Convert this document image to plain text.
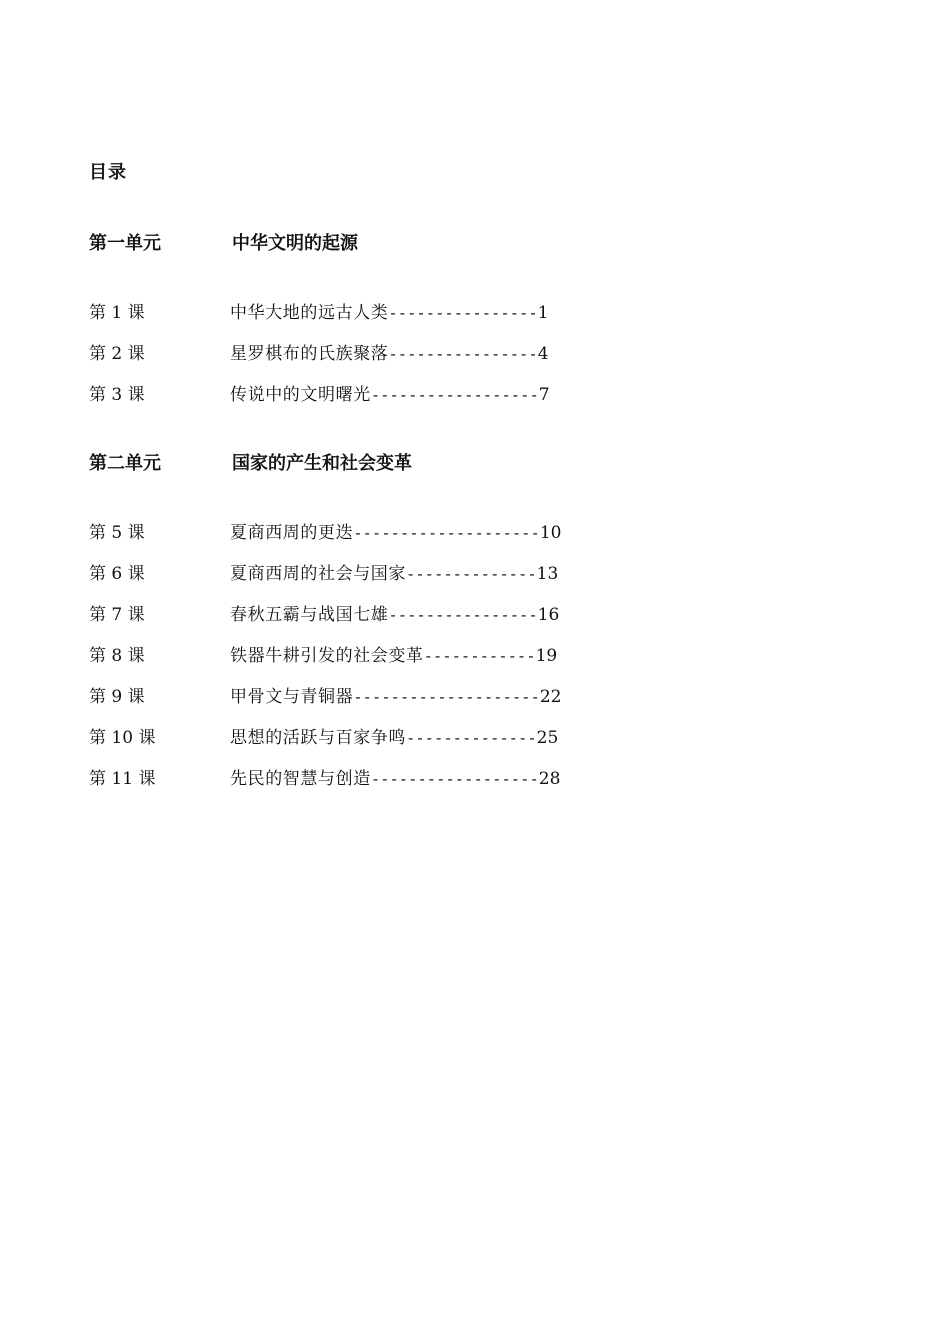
目录
第一单元	中华文明的起源
第 1 课	中华大地的远古人类----------------1
第 2 课	星罗棋布的氏族聚落----------------4
第 3 课	传说中的文明曙光------------------7
第二单元	国家的产生和社会变革
第 5 课	夏商西周的更迭--------------------10
第 6 课	夏商西周的社会与国家--------------13
第 7 课	春秋五霸与战国七雄----------------16
第 8 课	铁器牛耕引发的社会变革------------19
第 9 课	甲骨文与青铜器--------------------22
第 10 课	思想的活跃与百家争鸣--------------25
第 11 课	先民的智慧与创造------------------28
